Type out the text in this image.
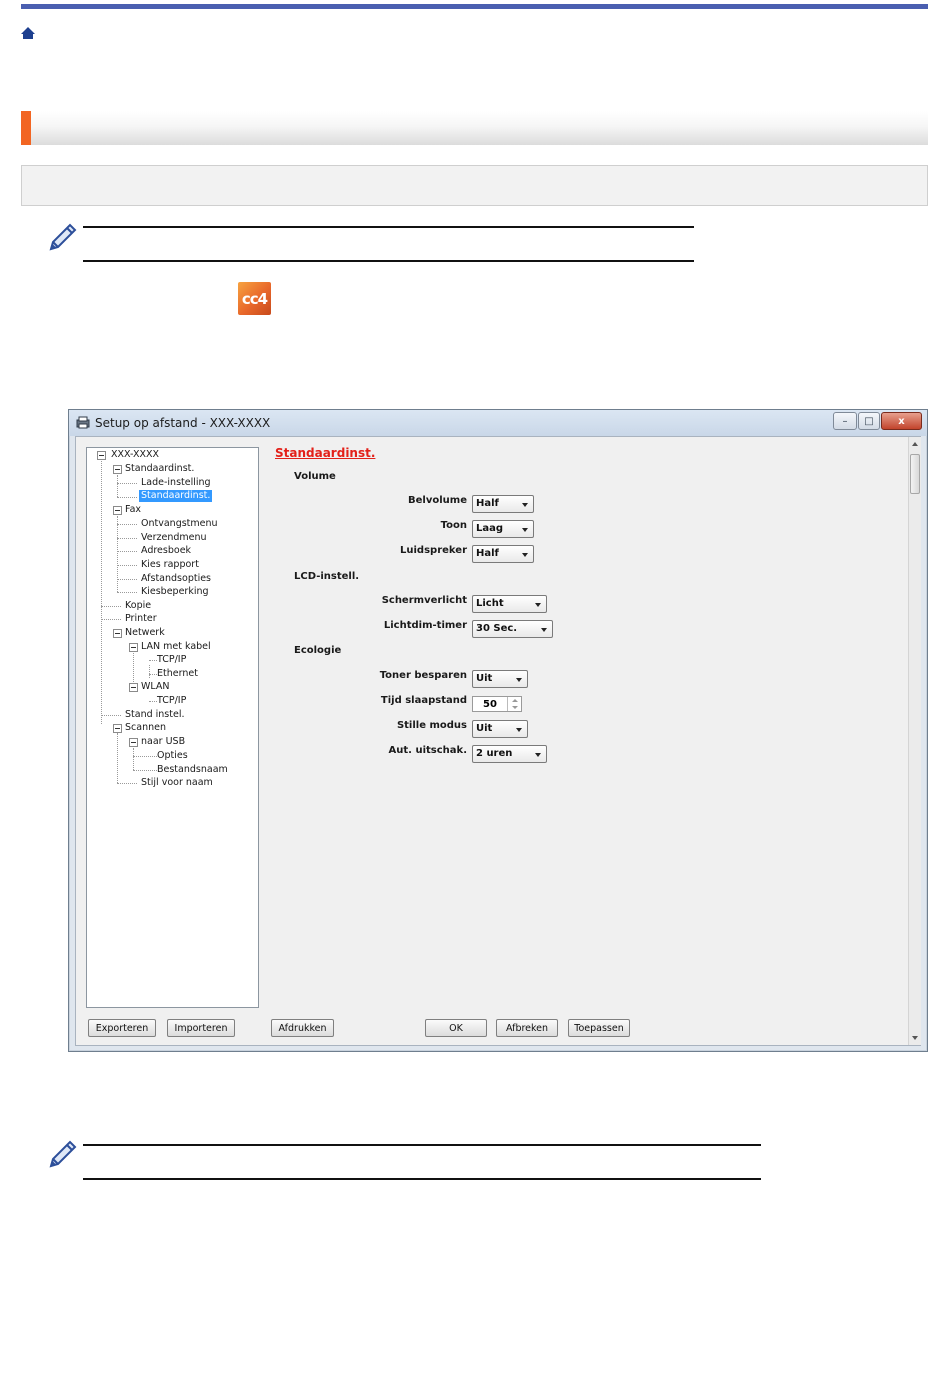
cc4
Setup op afstand - XXX-XXXX	–	□	x
XXX-XXXX
Standaardinst.
Lade-instelling
Standaardinst.
Fax
Ontvangstmenu
Verzendmenu
Adresboek
Kies rapport
Afstandsopties
Kiesbeperking
Kopie
Printer
Netwerk
LAN met kabel
TCP/IP
Ethernet
WLAN
TCP/IP
Stand instel.
Scannen
naar USB
Opties
Bestandsnaam
Stijl voor naam
Standaardinst.
Volume
Belvolume Half
Toon Laag
Luidspreker Half
LCD-instell.
Schermverlicht Licht
Lichtdim-timer 30 Sec.
Ecologie
Toner besparen Uit
Tijd slaapstand 50
Stille modus Uit
Aut. uitschak. 2 uren
Exporteren	Importeren	Afdrukken	OK	Afbreken	Toepassen
